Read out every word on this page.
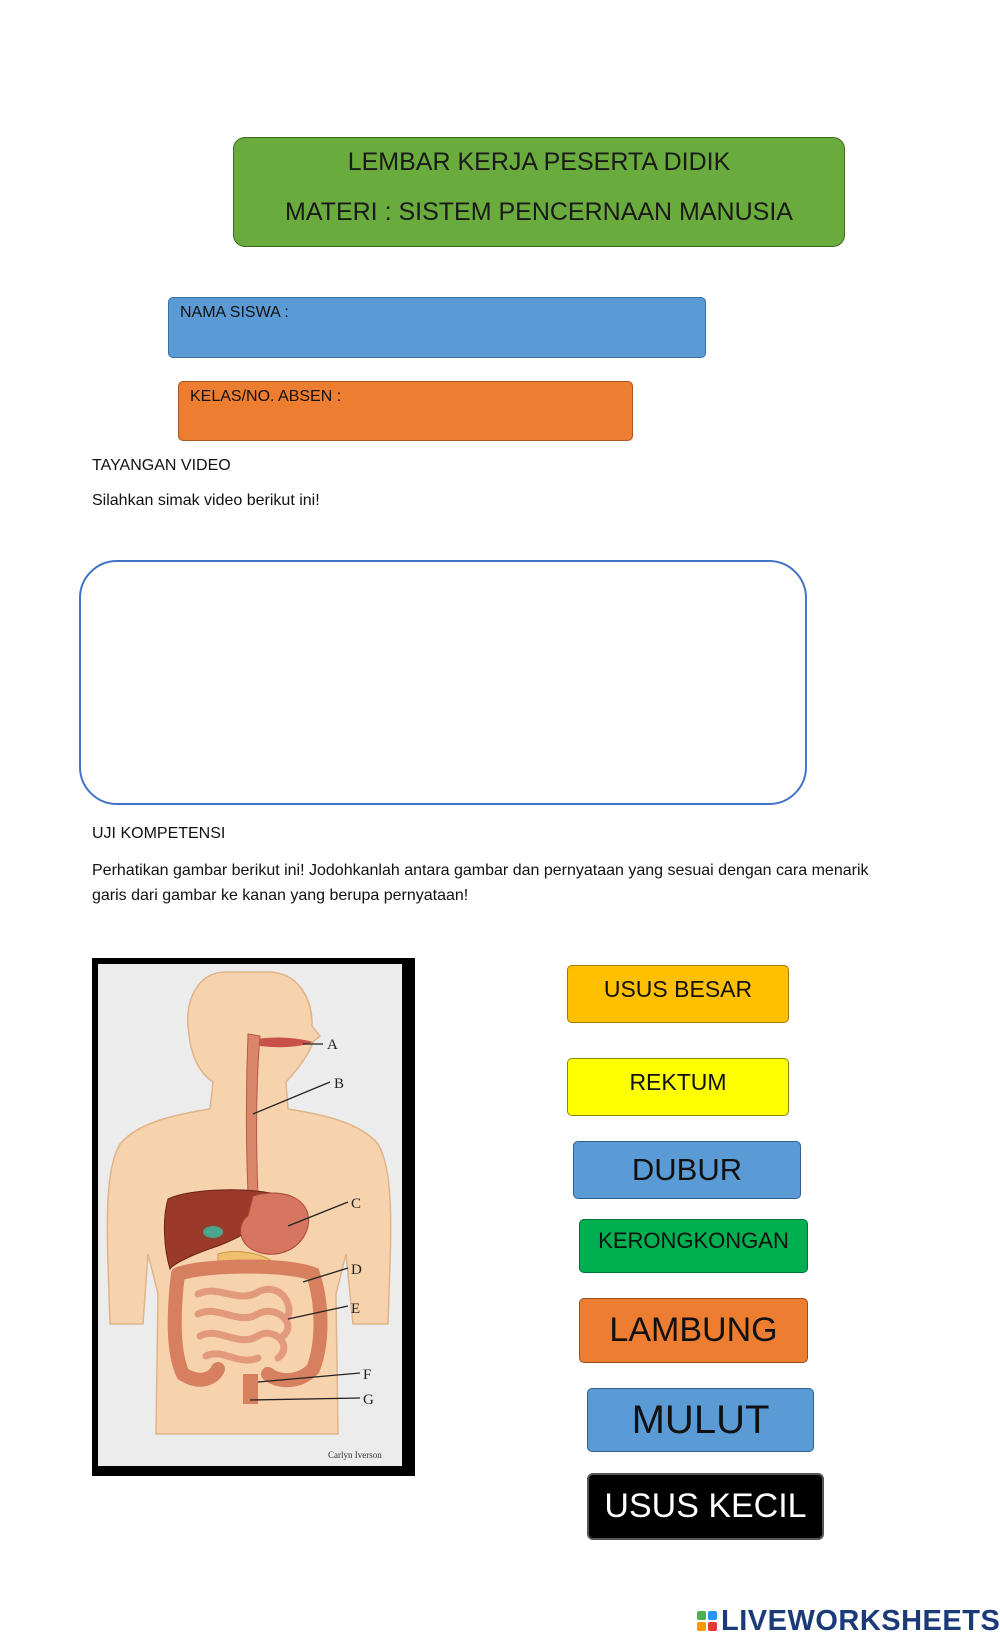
LEMBAR KERJA PESERTA DIDIK
MATERI : SISTEM PENCERNAAN MANUSIA
NAMA SISWA :
KELAS/NO. ABSEN :
TAYANGAN VIDEO
Silahkan simak video berikut ini!
UJI KOMPETENSI
Perhatikan gambar berikut ini! Jodohkanlah antara gambar dan pernyataan yang sesuai dengan cara menarik garis dari gambar ke kanan yang berupa pernyataan!
A
B
C
D
E
F
G
Carlyn Iverson
USUS BESAR
REKTUM
DUBUR
KERONGKONGAN
LAMBUNG
MULUT
USUS KECIL
LIVEWORKSHEETS
